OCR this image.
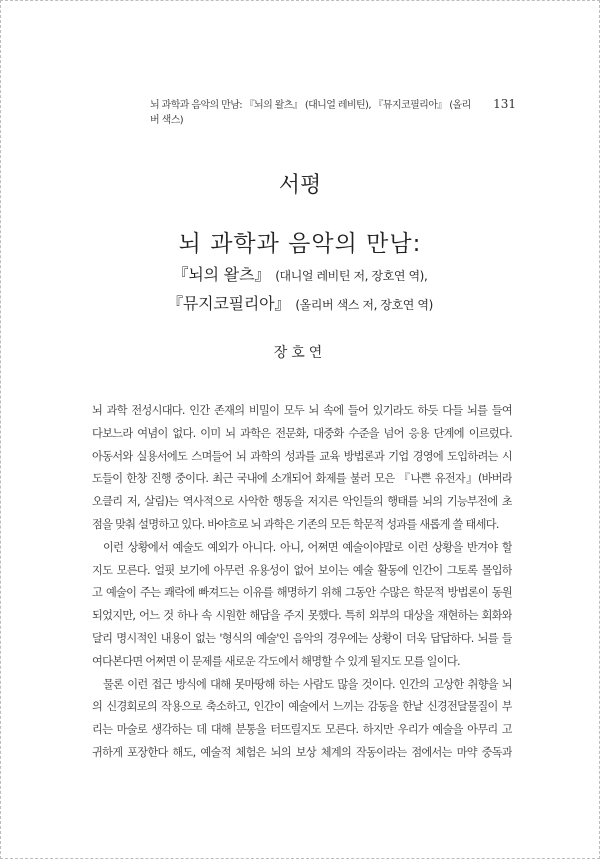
뇌 과학과 음악의 만남: 『뇌의 왈츠』 (대니얼 레비틴), 『뮤지코필리아』 (올리버 색스)
131
서평
뇌 과학과 음악의 만남:
『뇌의 왈츠』 (대니얼 레비틴 저, 장호연 역),
『뮤지코필리아』 (올리버 색스 저, 장호연 역)
장호연
뇌 과학 전성시대다. 인간 존재의 비밀이 모두 뇌 속에 들어 있기라도 하듯 다들 뇌를 들여
다보느라 여념이 없다. 이미 뇌 과학은 전문화, 대중화 수준을 넘어 응용 단계에 이르렀다.
아동서와 실용서에도 스며들어 뇌 과학의 성과를 교육 방법론과 기업 경영에 도입하려는 시
도들이 한창 진행 중이다. 최근 국내에 소개되어 화제를 불러 모은 『나쁜 유전자』(바버라
오클리 저, 살림)는 역사적으로 사악한 행동을 저지른 악인들의 행태를 뇌의 기능부전에 초
점을 맞춰 설명하고 있다. 바야흐로 뇌 과학은 기존의 모든 학문적 성과를 새롭게 쓸 태세다.
이런 상황에서 예술도 예외가 아니다. 아니, 어쩌면 예술이야말로 이런 상황을 반겨야 할
지도 모른다. 얼핏 보기에 아무런 유용성이 없어 보이는 예술 활동에 인간이 그토록 몰입하
고 예술이 주는 쾌락에 빠져드는 이유를 해명하기 위해 그동안 수많은 학문적 방법론이 동원
되었지만, 어느 것 하나 속 시원한 해답을 주지 못했다. 특히 외부의 대상을 재현하는 회화와
달리 명시적인 내용이 없는 '형식의 예술'인 음악의 경우에는 상황이 더욱 답답하다. 뇌를 들
여다본다면 어쩌면 이 문제를 새로운 각도에서 해명할 수 있게 될지도 모를 일이다.
물론 이런 접근 방식에 대해 못마땅해 하는 사람도 많을 것이다. 인간의 고상한 취향을 뇌
의 신경회로의 작용으로 축소하고, 인간이 예술에서 느끼는 감동을 한낱 신경전달물질이 부
리는 마술로 생각하는 데 대해 분통을 터뜨릴지도 모른다. 하지만 우리가 예술을 아무리 고
귀하게 포장한다 해도, 예술적 체험은 뇌의 보상 체계의 작동이라는 점에서는 마약 중독과
